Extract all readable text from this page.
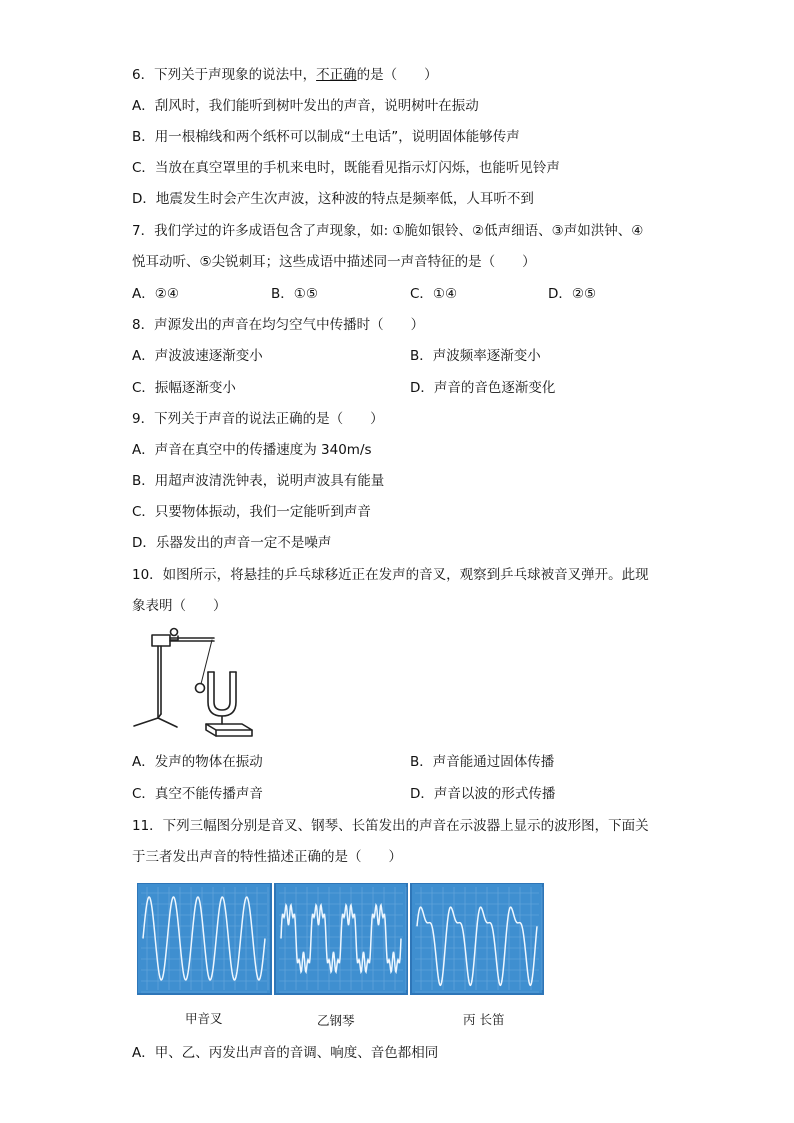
6．下列关于声现象的说法中，不正确的是（　　）
A．刮风时，我们能听到树叶发出的声音，说明树叶在振动
B．用一根棉线和两个纸杯可以制成“土电话”，说明固体能够传声
C．当放在真空罩里的手机来电时，既能看见指示灯闪烁，也能听见铃声
D．地震发生时会产生次声波，这种波的特点是频率低，人耳听不到
7．我们学过的许多成语包含了声现象，如: ①脆如银铃、②低声细语、③声如洪钟、④
悦耳动听、⑤尖锐刺耳；这些成语中描述同一声音特征的是（　　）
A．②④	B．①⑤	C．①④	D．②⑤
8．声源发出的声音在均匀空气中传播时（　　）
A．声波波速逐渐变小	B．声波频率逐渐变小
C．振幅逐渐变小	D．声音的音色逐渐变化
9．下列关于声音的说法正确的是（　　）
A．声音在真空中的传播速度为 340m/s
B．用超声波清洗钟表，说明声波具有能量
C．只要物体振动，我们一定能听到声音
D．乐器发出的声音一定不是噪声
10．如图所示，将悬挂的乒乓球移近正在发声的音叉，观察到乒乓球被音叉弹开。此现
象表明（　　）
A．发声的物体在振动	B．声音能通过固体传播
C．真空不能传播声音	D．声音以波的形式传播
11．下列三幅图分别是音叉、钢琴、长笛发出的声音在示波器上显示的波形图，下面关
于三者发出声音的特性描述正确的是（　　）
甲音叉	乙钢琴	丙 长笛
A．甲、乙、丙发出声音的音调、响度、音色都相同
